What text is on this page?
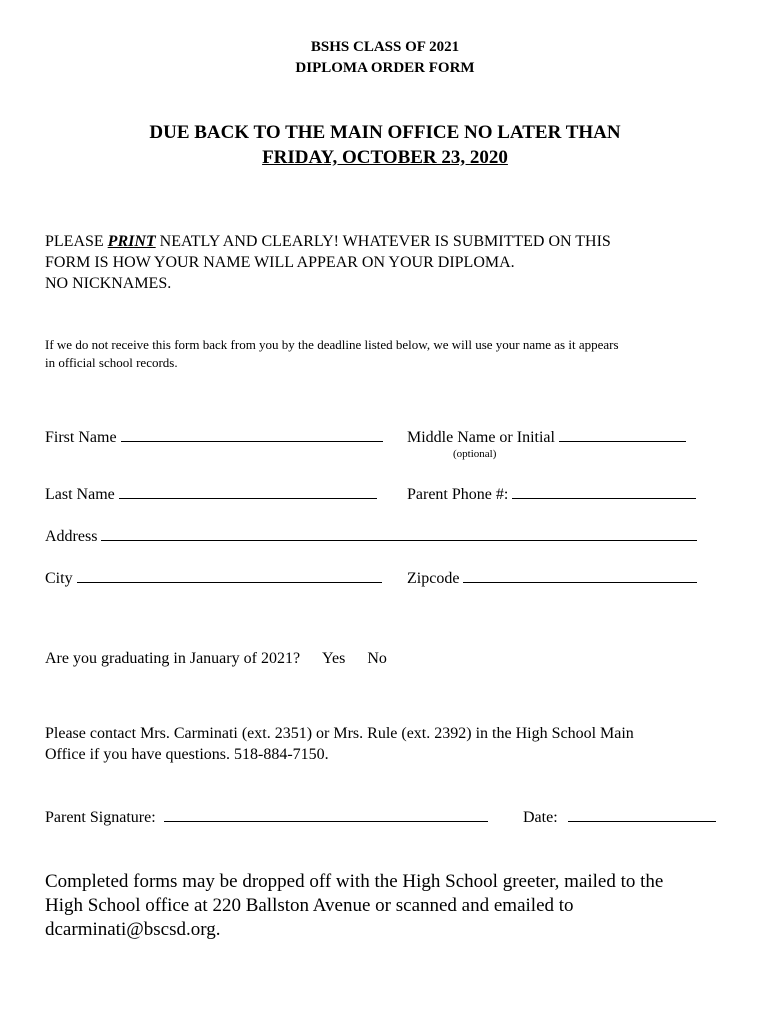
BSHS CLASS OF 2021
DIPLOMA ORDER FORM
DUE BACK TO THE MAIN OFFICE NO LATER THAN
FRIDAY, OCTOBER 23, 2020
PLEASE PRINT NEATLY AND CLEARLY! WHATEVER IS SUBMITTED ON THIS
FORM IS HOW YOUR NAME WILL APPEAR ON YOUR DIPLOMA.
NO NICKNAMES.
If we do not receive this form back from you by the deadline listed below, we will use your name as it appears
in official school records.
First Name	Middle Name or Initial
(optional)
Last Name	Parent Phone #:
Address
City	Zipcode
Are you graduating in January of 2021? Yes No
Please contact Mrs. Carminati (ext. 2351) or Mrs. Rule (ext. 2392) in the High School Main
Office if you have questions. 518-884-7150.
Parent Signature:	Date:
Completed forms may be dropped off with the High School greeter, mailed to the
High School office at 220 Ballston Avenue or scanned and emailed to
dcarminati@bscsd.org.
